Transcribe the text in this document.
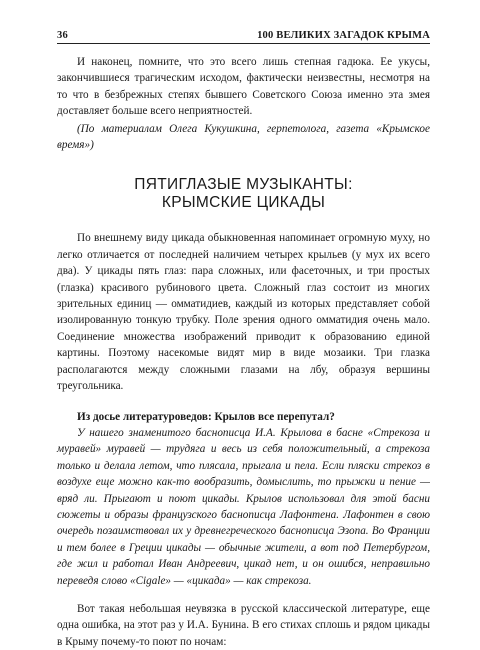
36	100 ВЕЛИКИХ ЗАГАДОК КРЫМА

И наконец, помните, что это всего лишь степная гадюка. Ее укусы, закончившиеся трагическим исходом, фактически неизвестны, несмотря на то что в безбрежных степях бывшего Советского Союза именно эта змея доставляет больше всего неприятностей.

(По материалам Олега Кукушкина, герпетолога, газета «Крымское время»)

ПЯТИГЛАЗЫЕ МУЗЫКАНТЫ:
КРЫМСКИЕ ЦИКАДЫ

По внешнему виду цикада обыкновенная напоминает огромную муху, но легко отличается от последней наличием четырех крыльев (у мух их всего два). У цикады пять глаз: пара сложных, или фасеточных, и три простых (глазка) красивого рубинового цвета. Сложный глаз состоит из многих зрительных единиц — омматидиев, каждый из которых представляет собой изолированную тонкую трубку. Поле зрения одного омматидия очень мало. Соединение множества изображений приводит к образованию единой картины. Поэтому насекомые видят мир в виде мозаики. Три глазка располагаются между сложными глазами на лбу, образуя вершины треугольника.

Из досье литературоведов: Крылов все перепутал?

У нашего знаменитого баснописца И.А. Крылова в басне «Стрекоза и муравей» муравей — трудяга и весь из себя положительный, а стрекоза только и делала летом, что плясала, прыгала и пела. Если пляски стрекоз в воздухе еще можно как-то вообразить, домыслить, то прыжки и пение — вряд ли. Прыгают и поют цикады. Крылов использовал для этой басни сюжеты и образы французского баснописца Лафонтена. Лафонтен в свою очередь позаимствовал их у древнегреческого баснописца Эзопа. Во Франции и тем более в Греции цикады — обычные жители, а вот под Петербургом, где жил и работал Иван Андреевич, цикад нет, и он ошибся, неправильно переведя слово «Cigale» — «цикада» — как стрекоза.

Вот такая небольшая неувязка в русской классической литературе, еще одна ошибка, на этот раз у И.А. Бунина. В его стихах сплошь и рядом цикады в Крыму почему-то поют по ночам:
